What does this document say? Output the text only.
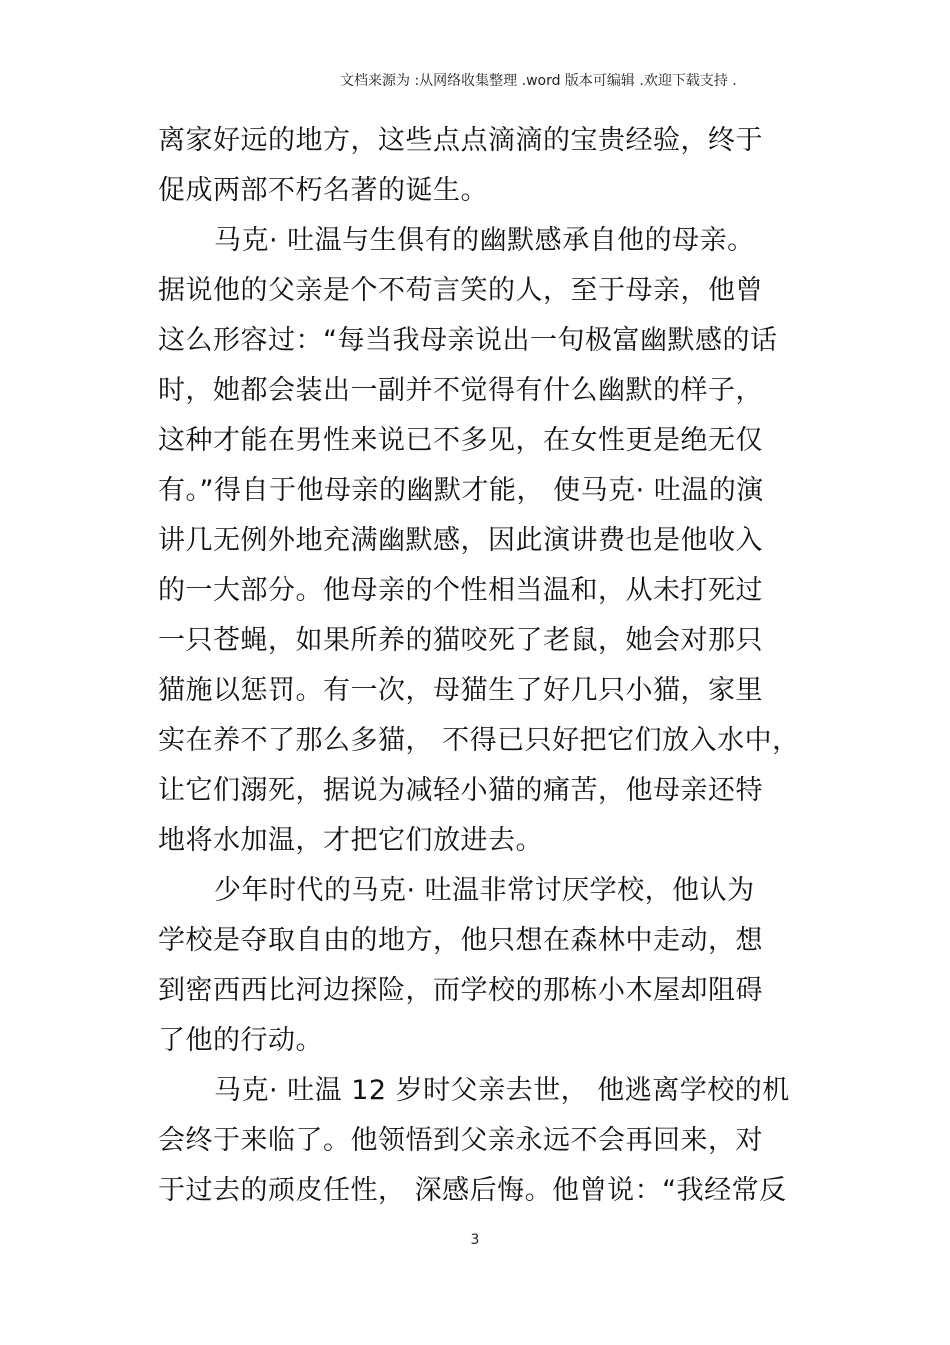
文档来源为 :从网络收集整理 .word 版本可编辑 .欢迎下载支持 .
离家好远的地方，这些点点滴滴的宝贵经验，终于
促成两部不朽名著的诞生。
马克· 吐温与生俱有的幽默感承自他的母亲。
据说他的父亲是个不苟言笑的人，至于母亲，他曾
这么形容过：“每当我母亲说出一句极富幽默感的话
时，她都会装出一副并不觉得有什么幽默的样子，
这种才能在男性来说已不多见，在女性更是绝无仅
有。”得自于他母亲的幽默才能， 使马克· 吐温的演
讲几无例外地充满幽默感，因此演讲费也是他收入
的一大部分。他母亲的个性相当温和，从未打死过
一只苍蝇，如果所养的猫咬死了老鼠，她会对那只
猫施以惩罚。有一次，母猫生了好几只小猫，家里
实在养不了那么多猫， 不得已只好把它们放入水中，
让它们溺死，据说为减轻小猫的痛苦，他母亲还特
地将水加温，才把它们放进去。
少年时代的马克· 吐温非常讨厌学校，他认为
学校是夺取自由的地方，他只想在森林中走动，想
到密西西比河边探险，而学校的那栋小木屋却阻碍
了他的行动。
马克· 吐温 12 岁时父亲去世， 他逃离学校的机
会终于来临了。他领悟到父亲永远不会再回来，对
于过去的顽皮任性， 深感后悔。他曾说：“我经常反
3
